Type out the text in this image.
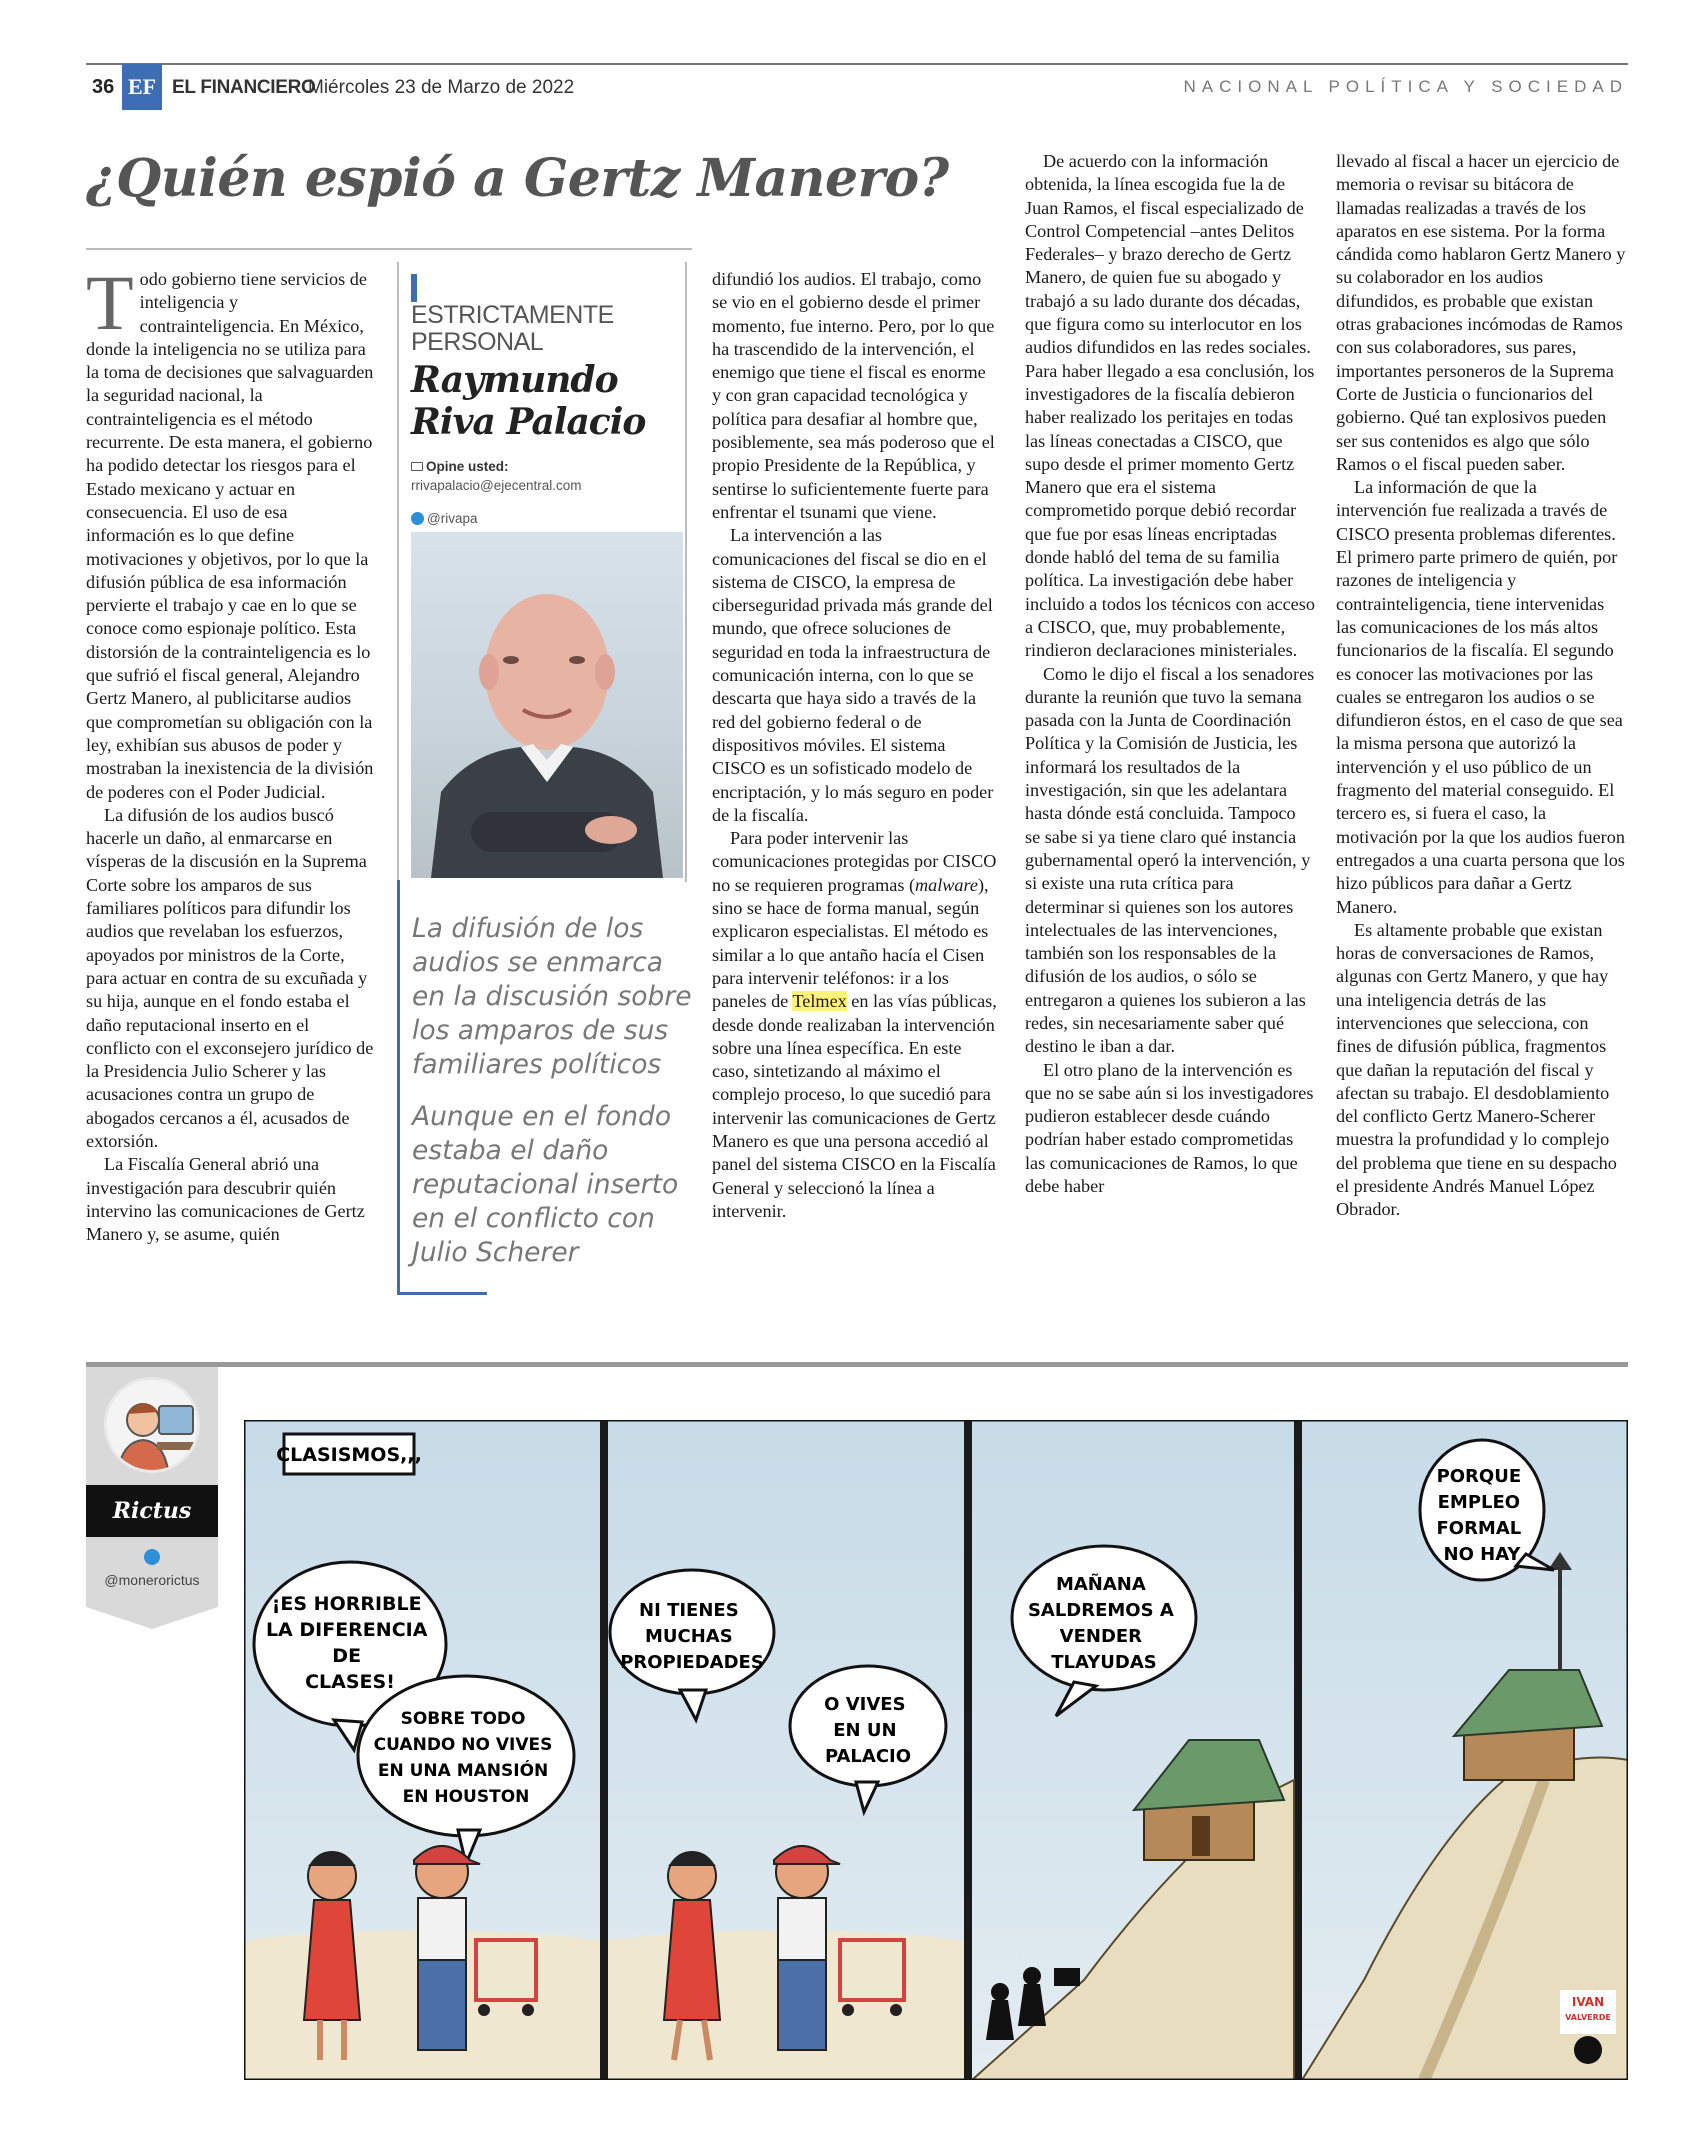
36 EF EL FINANCIERO
Miércoles 23 de Marzo de 2022	NACIONAL POLÍTICA Y SOCIEDAD
¿Quién espió a Gertz Manero?

Todo gobierno tiene servicios de inteligencia y contrainteligencia. En México, donde la inteligencia no se utiliza para la toma de decisiones que salvaguarden la seguridad nacional, la contrainteligencia es el método recurrente. De esta manera, el gobierno ha podido detectar los riesgos para el Estado mexicano y actuar en consecuencia. El uso de esa información es lo que define motivaciones y objetivos, por lo que la difusión pública de esa información pervierte el trabajo y cae en lo que se conoce como espionaje político. Esta distorsión de la contrainteligencia es lo que sufrió el fiscal general, Alejandro Gertz Manero, al publicitarse audios que comprometían su obligación con la ley, exhibían sus abusos de poder y mostraban la inexistencia de la división de poderes con el Poder Judicial.

La difusión de los audios buscó hacerle un daño, al enmarcarse en vísperas de la discusión en la Suprema Corte sobre los amparos de sus familiares políticos para difundir los audios que revelaban los esfuerzos, apoyados por ministros de la Corte, para actuar en contra de su excuñada y su hija, aunque en el fondo estaba el daño reputacional inserto en el conflicto con el exconsejero jurídico de la Presidencia Julio Scherer y las acusaciones contra un grupo de abogados cercanos a él, acusados de extorsión.

La Fiscalía General abrió una investigación para descubrir quién intervino las comunicaciones de Gertz Manero y, se asume, quién

ESTRICTAMENTE
PERSONAL
Raymundo
Riva Palacio
Opine usted:
rrivapalacio@ejecentral.com
@rivapa
La difusión de los audios se enmarca en la discusión sobre los amparos de sus familiares políticos
Aunque en el fondo estaba el daño reputacional inserto en el conflicto con Julio Scherer

difundió los audios. El trabajo, como se vio en el gobierno desde el primer momento, fue interno. Pero, por lo que ha trascendido de la intervención, el enemigo que tiene el fiscal es enorme y con gran capacidad tecnológica y política para desafiar al hombre que, posiblemente, sea más poderoso que el propio Presidente de la República, y sentirse lo suficientemente fuerte para enfrentar el tsunami que viene.

La intervención a las comunicaciones del fiscal se dio en el sistema de CISCO, la empresa de ciberseguridad privada más grande del mundo, que ofrece soluciones de seguridad en toda la infraestructura de comunicación interna, con lo que se descarta que haya sido a través de la red del gobierno federal o de dispositivos móviles. El sistema CISCO es un sofisticado modelo de encriptación, y lo más seguro en poder de la fiscalía.

Para poder intervenir las comunicaciones protegidas por CISCO no se requieren programas (malware), sino se hace de forma manual, según explicaron especialistas. El método es similar a lo que antaño hacía el Cisen para intervenir teléfonos: ir a los paneles de Telmex en las vías públicas, desde donde realizaban la intervención sobre una línea específica. En este caso, sintetizando al máximo el complejo proceso, lo que sucedió para intervenir las comunicaciones de Gertz Manero es que una persona accedió al panel del sistema CISCO en la Fiscalía General y seleccionó la línea a intervenir.

De acuerdo con la información obtenida, la línea escogida fue la de Juan Ramos, el fiscal especializado de Control Competencial –antes Delitos Federales– y brazo derecho de Gertz Manero, de quien fue su abogado y trabajó a su lado durante dos décadas, que figura como su interlocutor en los audios difundidos en las redes sociales. Para haber llegado a esa conclusión, los investigadores de la fiscalía debieron haber realizado los peritajes en todas las líneas conectadas a CISCO, que supo desde el primer momento Gertz Manero que era el sistema comprometido porque debió recordar que fue por esas líneas encriptadas donde habló del tema de su familia política. La investigación debe haber incluido a todos los técnicos con acceso a CISCO, que, muy probablemente, rindieron declaraciones ministeriales.

Como le dijo el fiscal a los senadores durante la reunión que tuvo la semana pasada con la Junta de Coordinación Política y la Comisión de Justicia, les informará los resultados de la investigación, sin que les adelantara hasta dónde está concluida. Tampoco se sabe si ya tiene claro qué instancia gubernamental operó la intervención, y si existe una ruta crítica para determinar si quienes son los autores intelectuales de las intervenciones, también son los responsables de la difusión de los audios, o sólo se entregaron a quienes los subieron a las redes, sin necesariamente saber qué destino le iban a dar.

El otro plano de la intervención es que no se sabe aún si los investigadores pudieron establecer desde cuándo podrían haber estado comprometidas las comunicaciones de Ramos, lo que debe haber

llevado al fiscal a hacer un ejercicio de memoria o revisar su bitácora de llamadas realizadas a través de los aparatos en ese sistema. Por la forma cándida como hablaron Gertz Manero y su colaborador en los audios difundidos, es probable que existan otras grabaciones incómodas de Ramos con sus colaboradores, sus pares, importantes personeros de la Suprema Corte de Justicia o funcionarios del gobierno. Qué tan explosivos pueden ser sus contenidos es algo que sólo Ramos o el fiscal pueden saber.

La información de que la intervención fue realizada a través de CISCO presenta problemas diferentes. El primero parte primero de quién, por razones de inteligencia y contrainteligencia, tiene intervenidas las comunicaciones de los más altos funcionarios de la fiscalía. El segundo es conocer las motivaciones por las cuales se entregaron los audios o se difundieron éstos, en el caso de que sea la misma persona que autorizó la intervención y el uso público de un fragmento del material conseguido. El tercero es, si fuera el caso, la motivación por la que los audios fueron entregados a una cuarta persona que los hizo públicos para dañar a Gertz Manero.

Es altamente probable que existan horas de conversaciones de Ramos, algunas con Gertz Manero, y que hay una inteligencia detrás de las intervenciones que selecciona, con fines de difusión pública, fragmentos que dañan la reputación del fiscal y afectan su trabajo. El desdoblamiento del conflicto Gertz Manero-Scherer muestra la profundidad y lo complejo del problema que tiene en su despacho el presidente Andrés Manuel López Obrador.

Rictus
@monerorictus
CLASISMOS,,,
¡ES HORRIBLE LA DIFERENCIA DE CLASES!
SOBRE TODO CUANDO NO VIVES EN UNA MANSIÓN EN HOUSTON
NI TIENES MUCHAS PROPIEDADES
O VIVES EN UN PALACIO
MAÑANA SALDREMOS A VENDER TLAYUDAS
PORQUE EMPLEO FORMAL NO HAY
IVAN
VALVERDE
